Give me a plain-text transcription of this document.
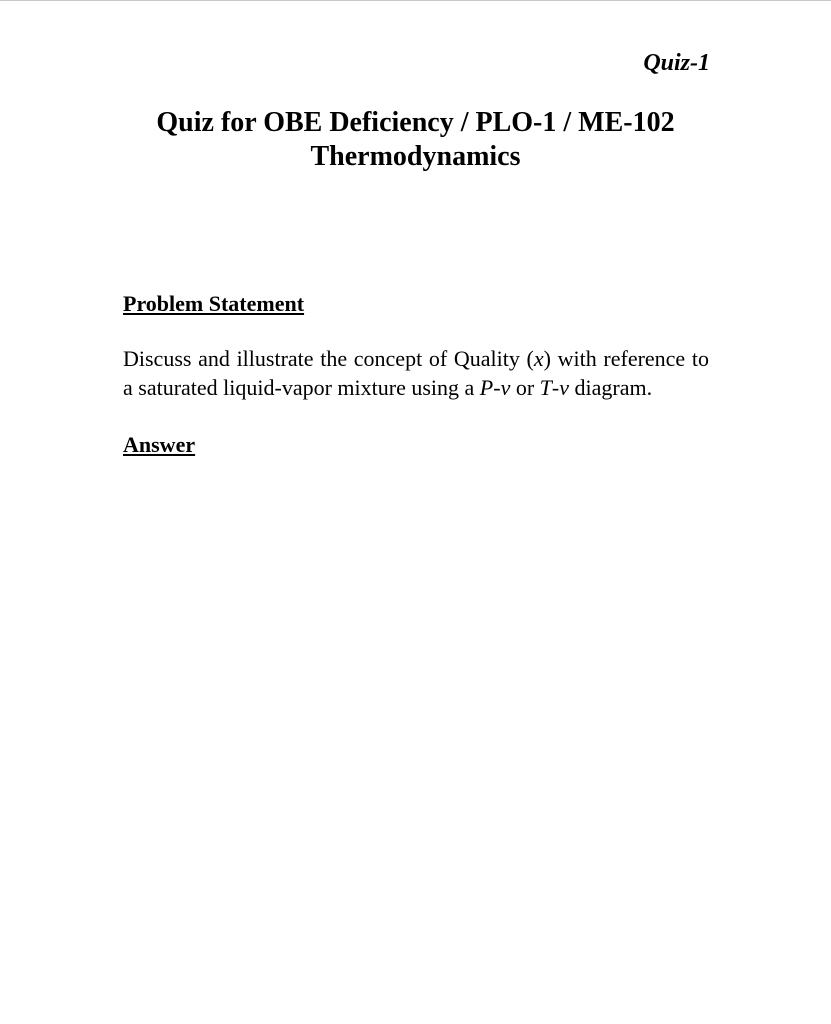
Quiz-1
Quiz for OBE Deficiency / PLO-1 / ME-102
Thermodynamics

Problem Statement

Discuss and illustrate the concept of Quality (x) with reference to a saturated liquid-vapor mixture using a P-v or T-v diagram.

Answer
